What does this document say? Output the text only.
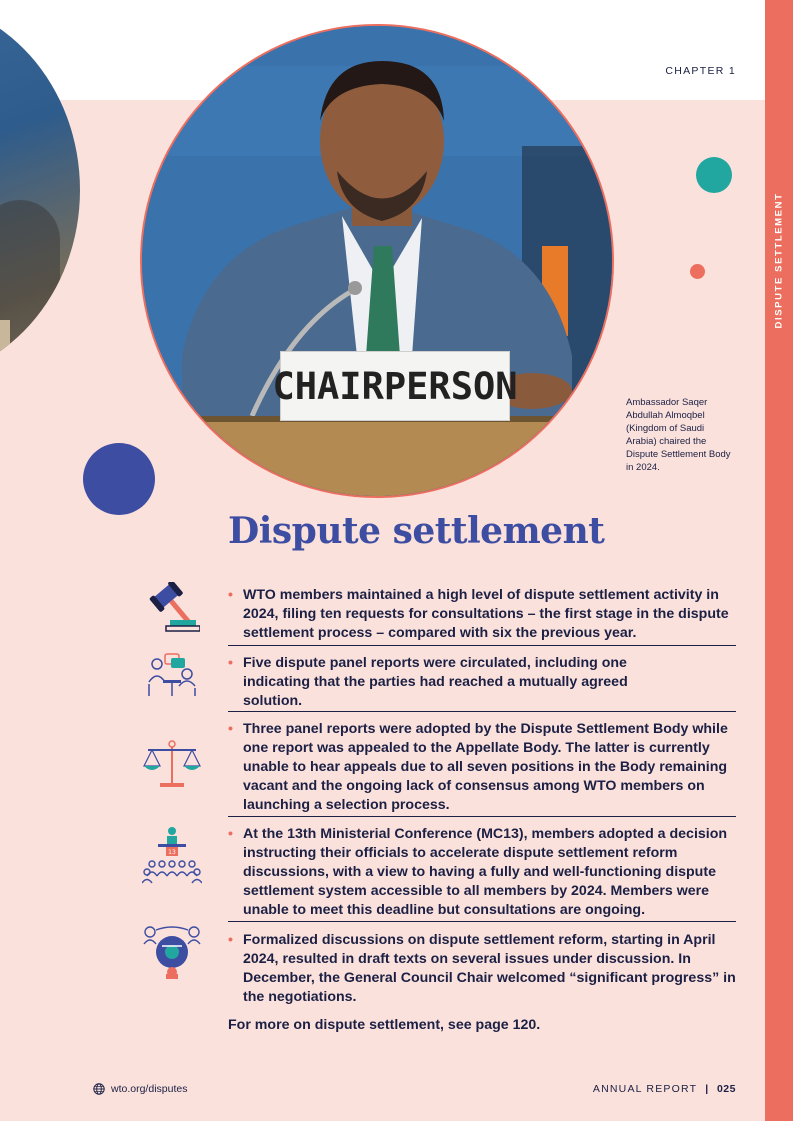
DISPUTE SETTLEMENT
CHAPTER 1
CHAIRPERSON	Ambassador Saqer Abdullah Almoqbel (Kingdom of Saudi Arabia) chaired the Dispute Settlement Body in 2024.
Dispute settlement
• WTO members maintained a high level of dispute settlement activity in 2024, filing ten requests for consultations – the first stage in the dispute settlement process – compared with six the previous year.
• Five dispute panel reports were circulated, including one indicating that the parties had reached a mutually agreed solution.
• Three panel reports were adopted by the Dispute Settlement Body while one report was appealed to the Appellate Body. The latter is currently unable to hear appeals due to all seven positions in the Body remaining vacant and the ongoing lack of consensus among WTO members on launching a selection process.
13
• At the 13th Ministerial Conference (MC13), members adopted a decision instructing their officials to accelerate dispute settlement reform discussions, with a view to having a fully and well-functioning dispute settlement system accessible to all members by 2024. Members were unable to meet this deadline but consultations are ongoing.
• Formalized discussions on dispute settlement reform, starting in April 2024, resulted in draft texts on several issues under discussion. In December, the General Council Chair welcomed “significant progress” in the negotiations.
For more on dispute settlement, see page 120.
wto.org/disputes	ANNUAL REPORT | 025
